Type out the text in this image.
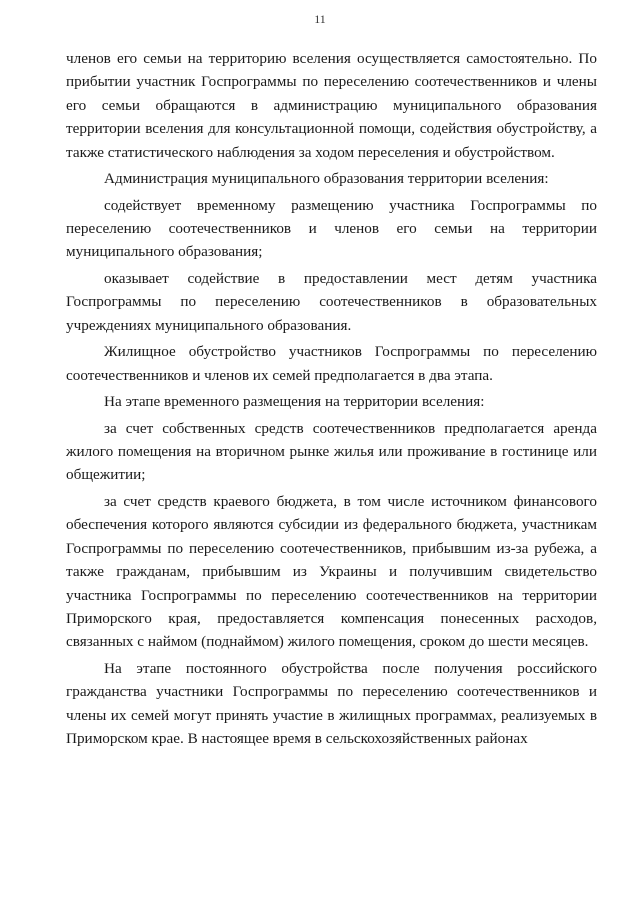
11

членов его семьи на территорию вселения осуществляется самостоятельно. По прибытии участник Госпрограммы по переселению соотечественников и члены его семьи обращаются в администрацию муниципального образования территории вселения для консультационной помощи, содействия обустройству, а также статистического наблюдения за ходом переселения и обустройством.

Администрация муниципального образования территории вселения:

содействует временному размещению участника Госпрограммы по переселению соотечественников и членов его семьи на территории муниципального образования;

оказывает содействие в предоставлении мест детям участника Госпрограммы по переселению соотечественников в образовательных учреждениях муниципального образования.

Жилищное обустройство участников Госпрограммы по переселению соотечественников и членов их семей предполагается в два этапа.

На этапе временного размещения на территории вселения:

за счет собственных средств соотечественников предполагается аренда жилого помещения на вторичном рынке жилья или проживание в гостинице или общежитии;

за счет средств краевого бюджета, в том числе источником финансового обеспечения которого являются субсидии из федерального бюджета, участникам Госпрограммы по переселению соотечественников, прибывшим из-за рубежа, а также гражданам, прибывшим из Украины и получившим свидетельство участника Госпрограммы по переселению соотечественников на территории Приморского края, предоставляется компенсация понесенных расходов, связанных с наймом (поднаймом) жилого помещения, сроком до шести месяцев.

На этапе постоянного обустройства после получения российского гражданства участники Госпрограммы по переселению соотечественников и члены их семей могут принять участие в жилищных программах, реализуемых в Приморском крае. В настоящее время в сельскохозяйственных районах
